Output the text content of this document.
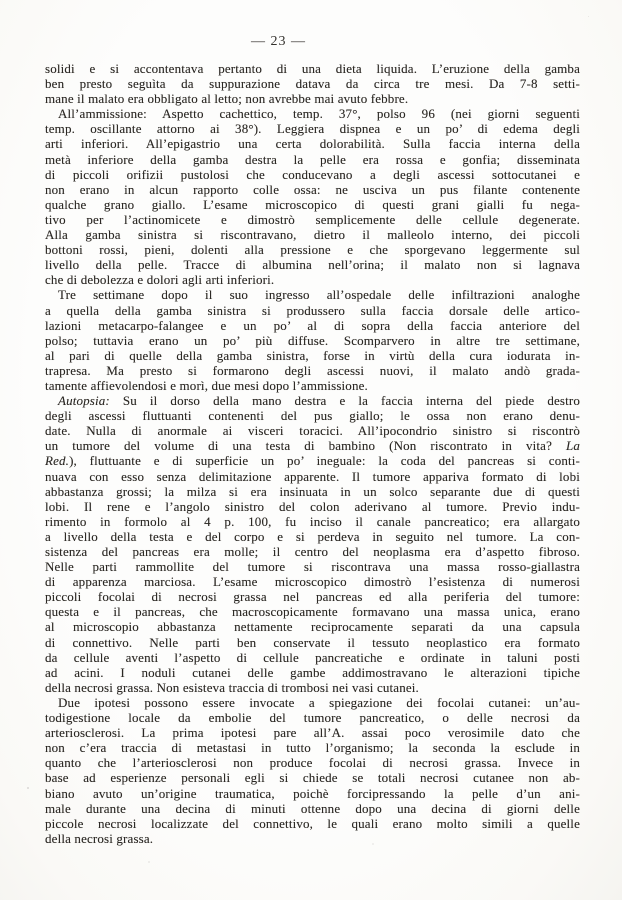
— 23 —
solidi e si accontentava pertanto di una dieta liquida. L’eruzione della gamba
ben presto seguìta da suppurazione datava da circa tre mesi. Da 7-8 setti-
mane il malato era obbligato al letto; non avrebbe mai avuto febbre.
All’ammissione: Aspetto cachettico, temp. 37°, polso 96 (nei giorni seguenti
temp. oscillante attorno ai 38°). Leggiera dispnea e un po’ di edema degli
arti inferiori. All’epigastrio una certa dolorabilità. Sulla faccia interna della
metà inferiore della gamba destra la pelle era rossa e gonfia; disseminata
di piccoli orifizii pustolosi che conducevano a degli ascessi sottocutanei e
non erano in alcun rapporto colle ossa: ne usciva un pus filante contenente
qualche grano giallo. L’esame microscopico di questi grani gialli fu nega-
tivo per l’actinomicete e dimostrò semplicemente delle cellule degenerate.
Alla gamba sinistra si riscontravano, dietro il malleolo interno, dei piccoli
bottoni rossi, pieni, dolenti alla pressione e che sporgevano leggermente sul
livello della pelle. Tracce di albumina nell’orina; il malato non si lagnava
che di debolezza e dolori agli arti inferiori.
Tre settimane dopo il suo ingresso all’ospedale delle infiltrazioni analoghe
a quella della gamba sinistra si produssero sulla faccia dorsale delle artico-
lazioni metacarpo-falangee e un po’ al di sopra della faccia anteriore del
polso; tuttavia erano un po’ più diffuse. Scomparvero in altre tre settimane,
al pari di quelle della gamba sinistra, forse in virtù della cura iodurata in-
trapresa. Ma presto si formarono degli ascessi nuovi, il malato andò grada-
tamente affievolendosi e morì, due mesi dopo l’ammissione.
Autopsia: Su il dorso della mano destra e la faccia interna del piede destro
degli ascessi fluttuanti contenenti del pus giallo; le ossa non erano denu-
date. Nulla di anormale ai visceri toracici. All’ipocondrio sinistro si riscontrò
un tumore del volume di una testa di bambino (Non riscontrato in vita? La
Red.), fluttuante e di superficie un po’ ineguale: la coda del pancreas si conti-
nuava con esso senza delimitazione apparente. Il tumore appariva formato di lobi
abbastanza grossi; la milza si era insinuata in un solco separante due di questi
lobi. Il rene e l’angolo sinistro del colon aderivano al tumore. Previo indu-
rimento in formolo al 4 p. 100, fu inciso il canale pancreatico; era allargato
a livello della testa e del corpo e si perdeva in seguito nel tumore. La con-
sistenza del pancreas era molle; il centro del neoplasma era d’aspetto fibroso.
Nelle parti rammollite del tumore si riscontrava una massa rosso-giallastra
di apparenza marciosa. L’esame microscopico dimostrò l’esistenza di numerosi
piccoli focolai di necrosi grassa nel pancreas ed alla periferia del tumore:
questa e il pancreas, che macroscopicamente formavano una massa unica, erano
al microscopio abbastanza nettamente reciprocamente separati da una capsula
di connettivo. Nelle parti ben conservate il tessuto neoplastico era formato
da cellule aventi l’aspetto di cellule pancreatiche e ordinate in taluni posti
ad acini. I noduli cutanei delle gambe addimostravano le alterazioni tipiche
della necrosi grassa. Non esisteva traccia di trombosi nei vasi cutanei.
Due ipotesi possono essere invocate a spiegazione dei focolai cutanei: un’au-
todigestione locale da embolie del tumore pancreatico, o delle necrosi da
arteriosclerosi. La prima ipotesi pare all’A. assai poco verosimile dato che
non c’era traccia di metastasi in tutto l’organismo; la seconda la esclude in
quanto che l’arteriosclerosi non produce focolai di necrosi grassa. Invece in
base ad esperienze personali egli si chiede se totali necrosi cutanee non ab-
biano avuto un’origine traumatica, poichè forcipressando la pelle d’un ani-
male durante una decina di minuti ottenne dopo una decina di giorni delle
piccole necrosi localizzate del connettivo, le quali erano molto simili a quelle
della necrosi grassa.
